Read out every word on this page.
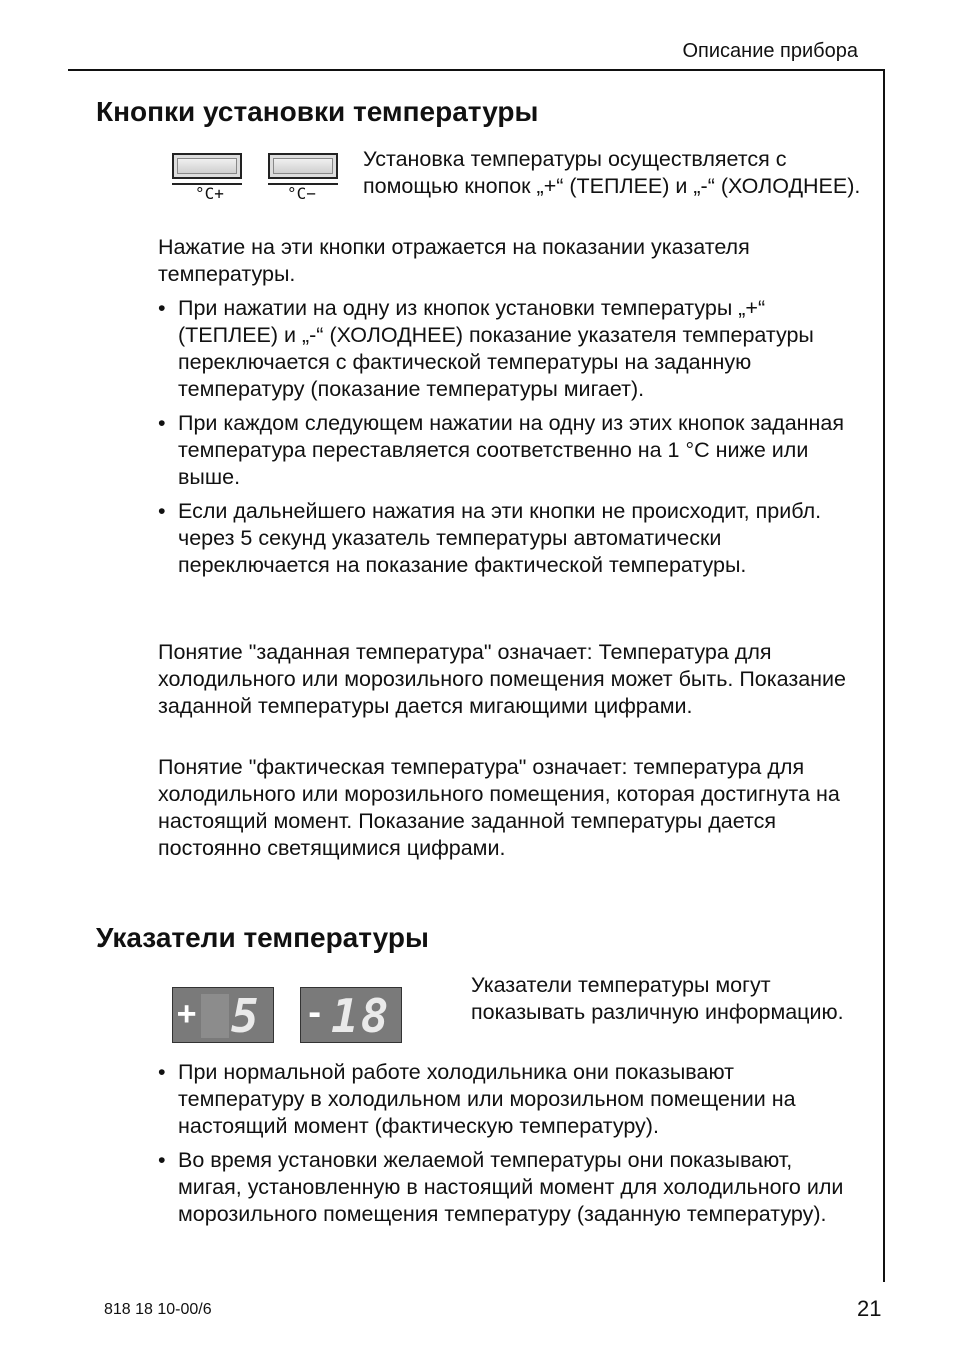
Описание прибора
Кнопки установки температуры
°C+	°C−
Установка температуры осуществляется с помощью кнопок „+“ (ТЕПЛЕЕ) и „-“ (ХОЛОДНЕЕ).
Нажатие на эти кнопки отражается на показании указателя температуры.
• При нажатии на одну из кнопок установки температуры „+“ (ТЕПЛЕЕ) и „-“ (ХОЛОДНЕЕ) показание указателя температуры переключается с фактической температуры на заданную температуру (показание температуры мигает).
• При каждом следующем нажатии на одну из этих кнопок заданная температура переставляется соответственно на 1 °C ниже или выше.
• Если дальнейшего нажатия на эти кнопки не происходит, прибл. через 5 секунд указатель температуры автоматически переключается на показание фактической температуры.
Понятие "заданная температура" означает: Температура для холодильного или морозильного помещения может быть. Показание заданной температуры дается мигающими цифрами.
Понятие "фактическая температура" означает: температура для холодильного или морозильного помещения, которая достигнута на настоящий момент. Показание заданной температуры дается постоянно светящимися цифрами.
Указатели температуры
+ 5 - 18
Указатели температуры могут показывать различную информацию.
• При нормальной работе холодильника они показывают температуру в холодильном или морозильном помещении на настоящий момент (фактическую температуру).
• Во время установки желаемой температуры они показывают, мигая, установленную в настоящий момент для холодильного или морозильного помещения температуру (заданную температуру).
818 18 10-00/6	21
